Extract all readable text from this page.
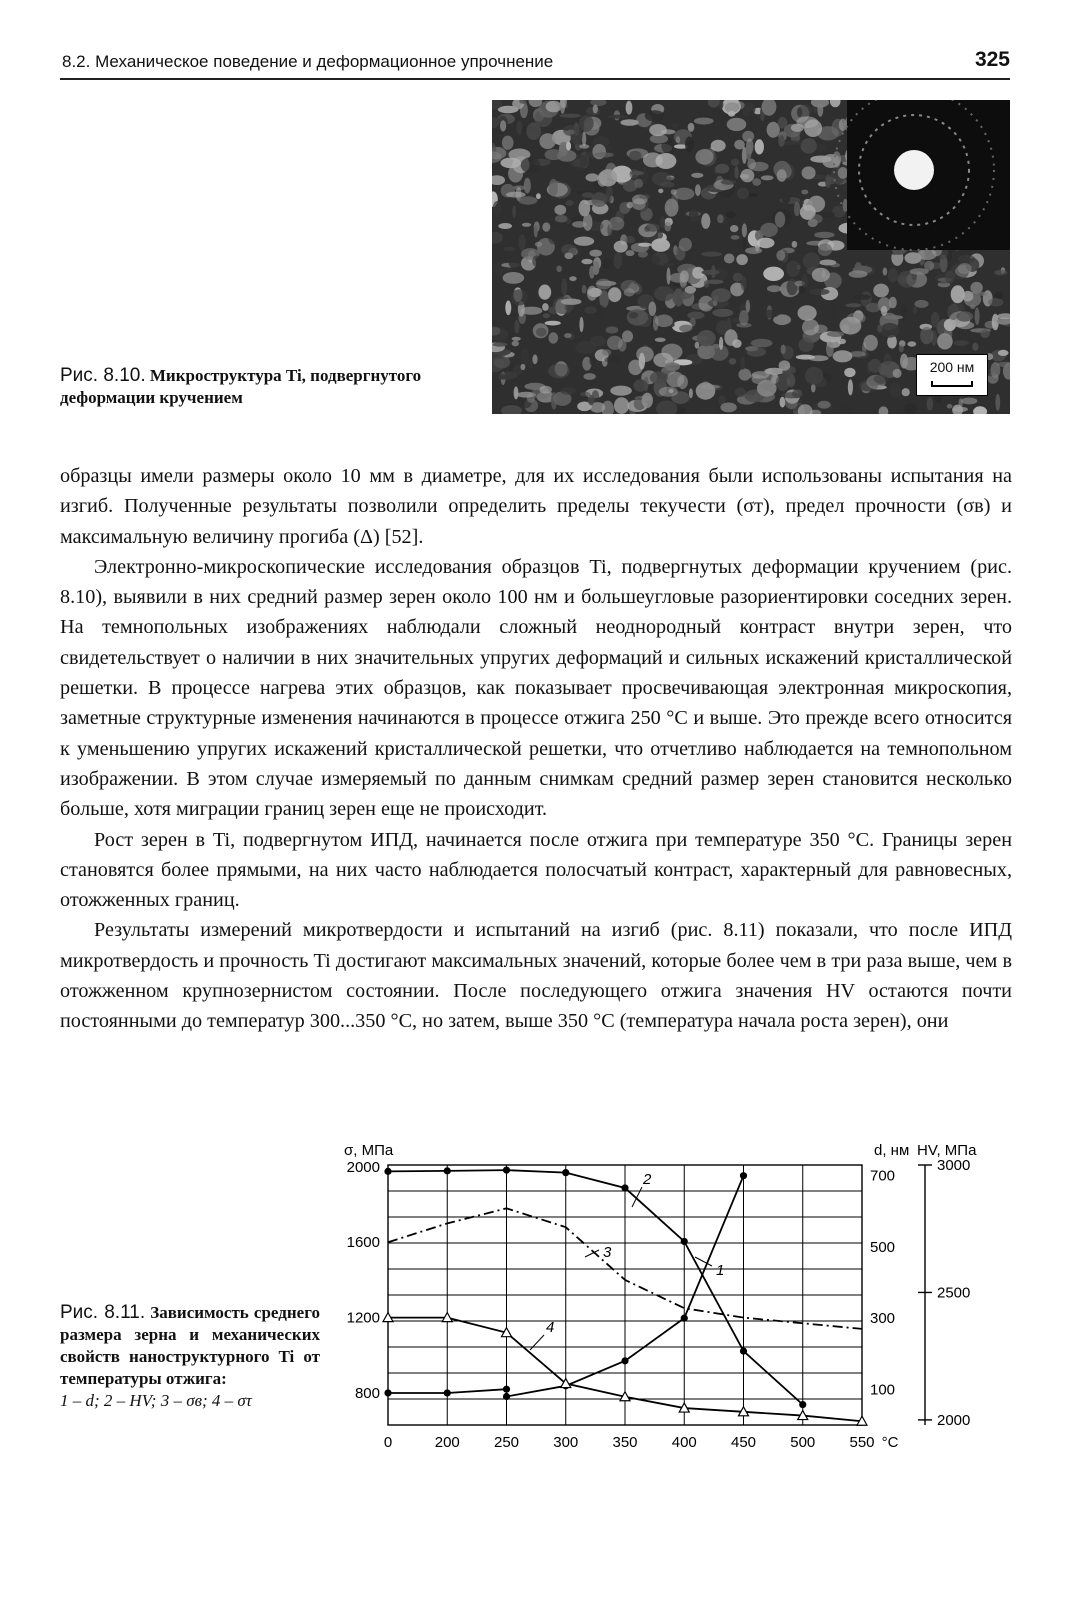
8.2. Механическое поведение и деформационное упрочнение	325
200 нм
Рис. 8.10. Микроструктура Ti, подвергнутого деформации кручением

образцы имели размеры около 10 мм в диаметре, для их исследования были использованы испытания на изгиб. Полученные результаты позволили определить пределы текучести (σт), предел прочности (σв) и максимальную величину прогиба (Δ) [52].

Электронно-микроскопические исследования образцов Ti, подвергнутых деформации кручением (рис. 8.10), выявили в них средний размер зерен около 100 нм и большеугловые разориентировки соседних зерен. На темнопольных изображениях наблюдали сложный неоднородный контраст внутри зерен, что свидетельствует о наличии в них значительных упругих деформаций и сильных искажений кристаллической решетки. В процессе нагрева этих образцов, как показывает просвечивающая электронная микроскопия, заметные структурные изменения начинаются в процессе отжига 250 °С и выше. Это прежде всего относится к уменьшению упругих искажений кристаллической решетки, что отчетливо наблюдается на темнопольном изображении. В этом случае измеряемый по данным снимкам средний размер зерен становится несколько больше, хотя миграции границ зерен еще не происходит.

Рост зерен в Ti, подвергнутом ИПД, начинается после отжига при температуре 350 °С. Границы зерен становятся более прямыми, на них часто наблюдается полосчатый контраст, характерный для равновесных, отожженных границ.

Результаты измерений микротвердости и испытаний на изгиб (рис. 8.11) показали, что после ИПД микротвердость и прочность Ti достигают максимальных значений, которые более чем в три раза выше, чем в отожженном крупнозернистом состоянии. После последующего отжига значения HV остаются почти постоянными до температур 300...350 °С, но затем, выше 350 °С (температура начала роста зерен), они

Рис. 8.11. Зависимость среднего размера зерна и механических свойств наноструктурного Ti от температуры отжига:
1 – d; 2 – HV; 3 – σв; 4 – στ
0	200 250 300 350 400 450 500 550 °С
σ, МПа
800
1200
1600
2000
d, нм
100
300
500
700
HV, МПа
2000
2500
3000
1
2
3
4
